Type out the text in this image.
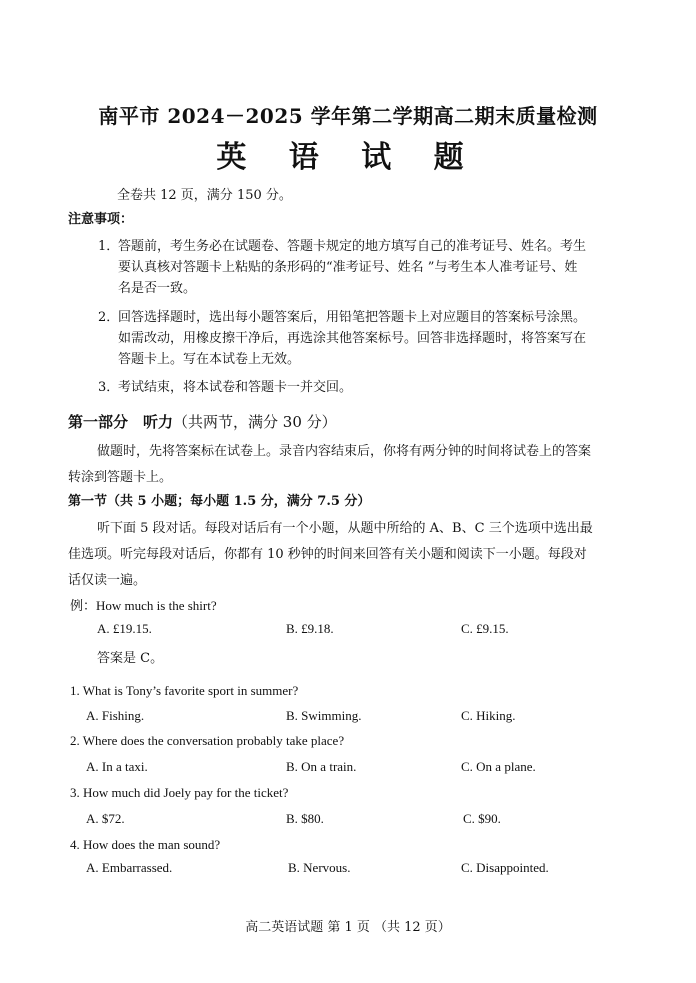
南平市 2024－2025 学年第二学期高二期末质量检测
英 语 试 题
全卷共 12 页，满分 150 分。
注意事项：
1．
答题前，考生务必在试题卷、答题卡规定的地方填写自己的准考证号、姓名。考生
要认真核对答题卡上粘贴的条形码的“准考证号、姓名 ”与考生本人准考证号、姓
名是否一致。
2．
回答选择题时，选出每小题答案后，用铅笔把答题卡上对应题目的答案标号涂黑。
如需改动，用橡皮擦干净后，再选涂其他答案标号。回答非选择题时，将答案写在
答题卡上。写在本试卷上无效。
3．
考试结束，将本试卷和答题卡一并交回。
第一部分　听力（共两节，满分 30 分）
做题时，先将答案标在试卷上。录音内容结束后，你将有两分钟的时间将试卷上的答案
转涂到答题卡上。
第一节（共 5 小题；每小题 1.5 分，满分 7.5 分）
听下面 5 段对话。每段对话后有一个小题，从题中所给的 A、B、C 三个选项中选出最
佳选项。听完每段对话后，你都有 10 秒钟的时间来回答有关小题和阅读下一小题。每段对
话仅读一遍。
例：How much is the shirt?
A. £19.15.	B. £9.18.	C. £9.15.
答案是 C。
1. What is Tony’s favorite sport in summer?
A. Fishing.	B. Swimming.	C. Hiking.
2. Where does the conversation probably take place?
A. In a taxi.	B. On a train.	C. On a plane.
3. How much did Joely pay for the ticket?
A. $72.	B. $80.	C. $90.
4. How does the man sound?
A. Embarrassed.	B. Nervous.	C. Disappointed.
高二英语试题 第 1 页 （共 12 页）
